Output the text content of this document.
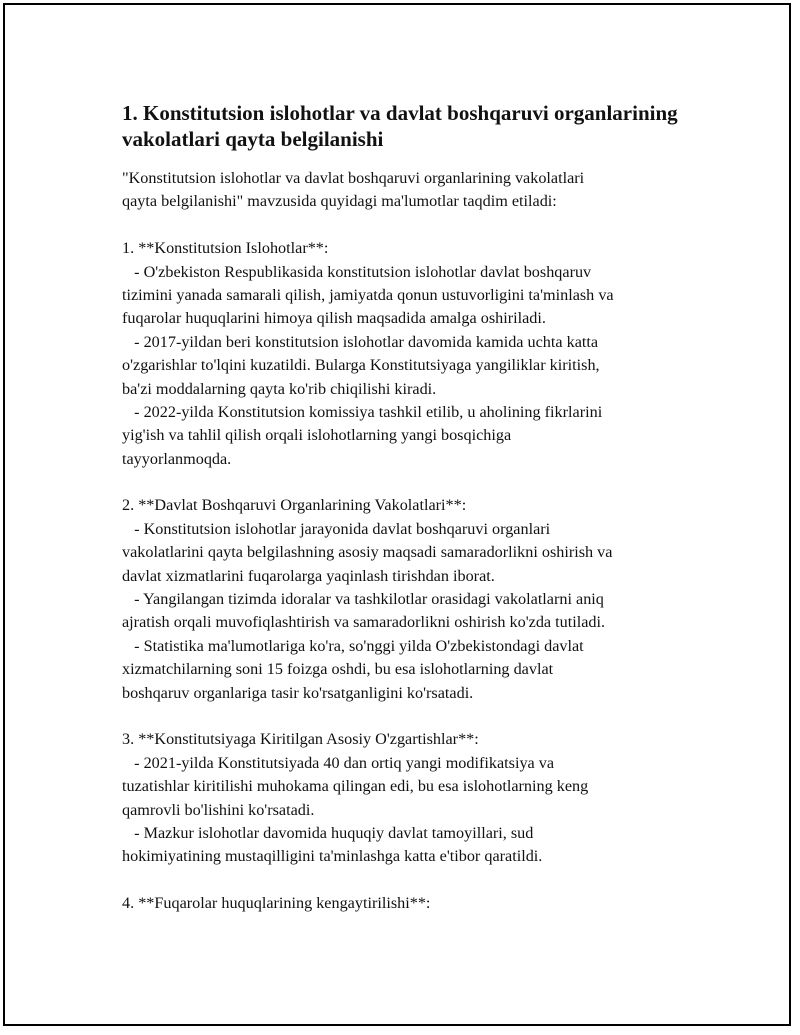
1. Konstitutsion islohotlar va davlat boshqaruvi organlarining
vakolatlari qayta belgilanishi
"Konstitutsion islohotlar va davlat boshqaruvi organlarining vakolatlari
qayta belgilanishi" mavzusida quyidagi ma'lumotlar taqdim etiladi:
1. **Konstitutsion Islohotlar**:
- O'zbekiston Respublikasida konstitutsion islohotlar davlat boshqaruv
tizimini yanada samarali qilish, jamiyatda qonun ustuvorligini ta'minlash va
fuqarolar huquqlarini himoya qilish maqsadida amalga oshiriladi.
- 2017-yildan beri konstitutsion islohotlar davomida kamida uchta katta
o'zgarishlar to'lqini kuzatildi. Bularga Konstitutsiyaga yangiliklar kiritish,
ba'zi moddalarning qayta ko'rib chiqilishi kiradi.
- 2022-yilda Konstitutsion komissiya tashkil etilib, u aholining fikrlarini
yig'ish va tahlil qilish orqali islohotlarning yangi bosqichiga
tayyorlanmoqda.
2. **Davlat Boshqaruvi Organlarining Vakolatlari**:
- Konstitutsion islohotlar jarayonida davlat boshqaruvi organlari
vakolatlarini qayta belgilashning asosiy maqsadi samaradorlikni oshirish va
davlat xizmatlarini fuqarolarga yaqinlash tirishdan iborat.
- Yangilangan tizimda idoralar va tashkilotlar orasidagi vakolatlarni aniq
ajratish orqali muvofiqlashtirish va samaradorlikni oshirish ko'zda tutiladi.
- Statistika ma'lumotlariga ko'ra, so'nggi yilda O'zbekistondagi davlat
xizmatchilarning soni 15 foizga oshdi, bu esa islohotlarning davlat
boshqaruv organlariga tasir ko'rsatganligini ko'rsatadi.
3. **Konstitutsiyaga Kiritilgan Asosiy O'zgartishlar**:
- 2021-yilda Konstitutsiyada 40 dan ortiq yangi modifikatsiya va
tuzatishlar kiritilishi muhokama qilingan edi, bu esa islohotlarning keng
qamrovli bo'lishini ko'rsatadi.
- Mazkur islohotlar davomida huquqiy davlat tamoyillari, sud
hokimiyatining mustaqilligini ta'minlashga katta e'tibor qaratildi.
4. **Fuqarolar huquqlarining kengaytirilishi**:
